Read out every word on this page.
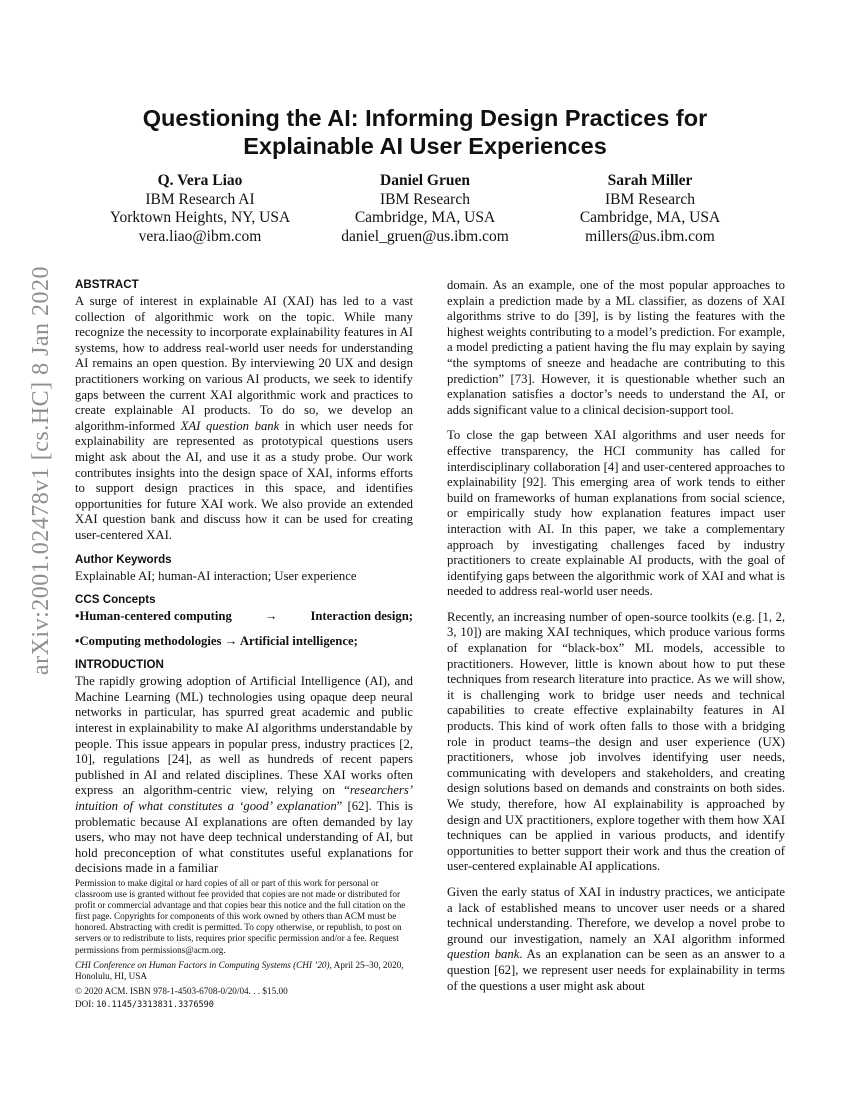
arXiv:2001.02478v1 [cs.HC] 8 Jan 2020
Questioning the AI: Informing Design Practices for
Explainable AI User Experiences
Q. Vera Liao
IBM Research AI
Yorktown Heights, NY, USA
vera.liao@ibm.com
Daniel Gruen
IBM Research
Cambridge, MA, USA
daniel_gruen@us.ibm.com
Sarah Miller
IBM Research
Cambridge, MA, USA
millers@us.ibm.com
ABSTRACT

A surge of interest in explainable AI (XAI) has led to a vast collection of algorithmic work on the topic. While many recognize the necessity to incorporate explainability features in AI systems, how to address real-world user needs for understanding AI remains an open question. By interviewing 20 UX and design practitioners working on various AI products, we seek to identify gaps between the current XAI algorithmic work and practices to create explainable AI products. To do so, we develop an algorithm-informed XAI question bank in which user needs for explainability are represented as prototypical questions users might ask about the AI, and use it as a study probe. Our work contributes insights into the design space of XAI, informs efforts to support design practices in this space, and identifies opportunities for future XAI work. We also provide an extended XAI question bank and discuss how it can be used for creating user-centered XAI.

Author Keywords

Explainable AI; human-AI interaction; User experience

CCS Concepts

•Human-centered computing	→	Interaction design;

•Computing methodologies → Artificial intelligence;

INTRODUCTION

The rapidly growing adoption of Artificial Intelligence (AI), and Machine Learning (ML) technologies using opaque deep neural networks in particular, has spurred great academic and public interest in explainability to make AI algorithms understandable by people. This issue appears in popular press, industry practices [2, 10], regulations [24], as well as hundreds of recent papers published in AI and related disciplines. These XAI works often express an algorithm-centric view, relying on “researchers’ intuition of what constitutes a ‘good’ explanation” [62]. This is problematic because AI explanations are often demanded by lay users, who may not have deep technical understanding of AI, but hold preconception of what constitutes useful explanations for decisions made in a familiar

Permission to make digital or hard copies of all or part of this work for personal or classroom use is granted without fee provided that copies are not made or distributed for profit or commercial advantage and that copies bear this notice and the full citation on the first page. Copyrights for components of this work owned by others than ACM must be honored. Abstracting with credit is permitted. To copy otherwise, or republish, to post on servers or to redistribute to lists, requires prior specific permission and/or a fee. Request permissions from permissions@acm.org.

CHI Conference on Human Factors in Computing Systems (CHI ’20), April 25–30, 2020, Honolulu, HI, USA

© 2020 ACM. ISBN 978-1-4503-6708-0/20/04. . . $15.00

DOI: 10.1145/3313831.3376590

domain. As an example, one of the most popular approaches to explain a prediction made by a ML classifier, as dozens of XAI algorithms strive to do [39], is by listing the features with the highest weights contributing to a model’s prediction. For example, a model predicting a patient having the flu may explain by saying “the symptoms of sneeze and headache are contributing to this prediction” [73]. However, it is questionable whether such an explanation satisfies a doctor’s needs to understand the AI, or adds significant value to a clinical decision-support tool.

To close the gap between XAI algorithms and user needs for effective transparency, the HCI community has called for interdisciplinary collaboration [4] and user-centered approaches to explainability [92]. This emerging area of work tends to either build on frameworks of human explanations from social science, or empirically study how explanation features impact user interaction with AI. In this paper, we take a complementary approach by investigating challenges faced by industry practitioners to create explainable AI products, with the goal of identifying gaps between the algorithmic work of XAI and what is needed to address real-world user needs.

Recently, an increasing number of open-source toolkits (e.g. [1, 2, 3, 10]) are making XAI techniques, which produce various forms of explanation for “black-box” ML models, accessible to practitioners. However, little is known about how to put these techniques from research literature into practice. As we will show, it is challenging work to bridge user needs and technical capabilities to create effective explainabilty features in AI products. This kind of work often falls to those with a bridging role in product teams–the design and user experience (UX) practitioners, whose job involves identifying user needs, communicating with developers and stakeholders, and creating design solutions based on demands and constraints on both sides. We study, therefore, how AI explainability is approached by design and UX practitioners, explore together with them how XAI techniques can be applied in various products, and identify opportunities to better support their work and thus the creation of user-centered explainable AI applications.

Given the early status of XAI in industry practices, we anticipate a lack of established means to uncover user needs or a shared technical understanding. Therefore, we develop a novel probe to ground our investigation, namely an XAI algorithm informed question bank. As an explanation can be seen as an answer to a question [62], we represent user needs for explainability in terms of the questions a user might ask about
